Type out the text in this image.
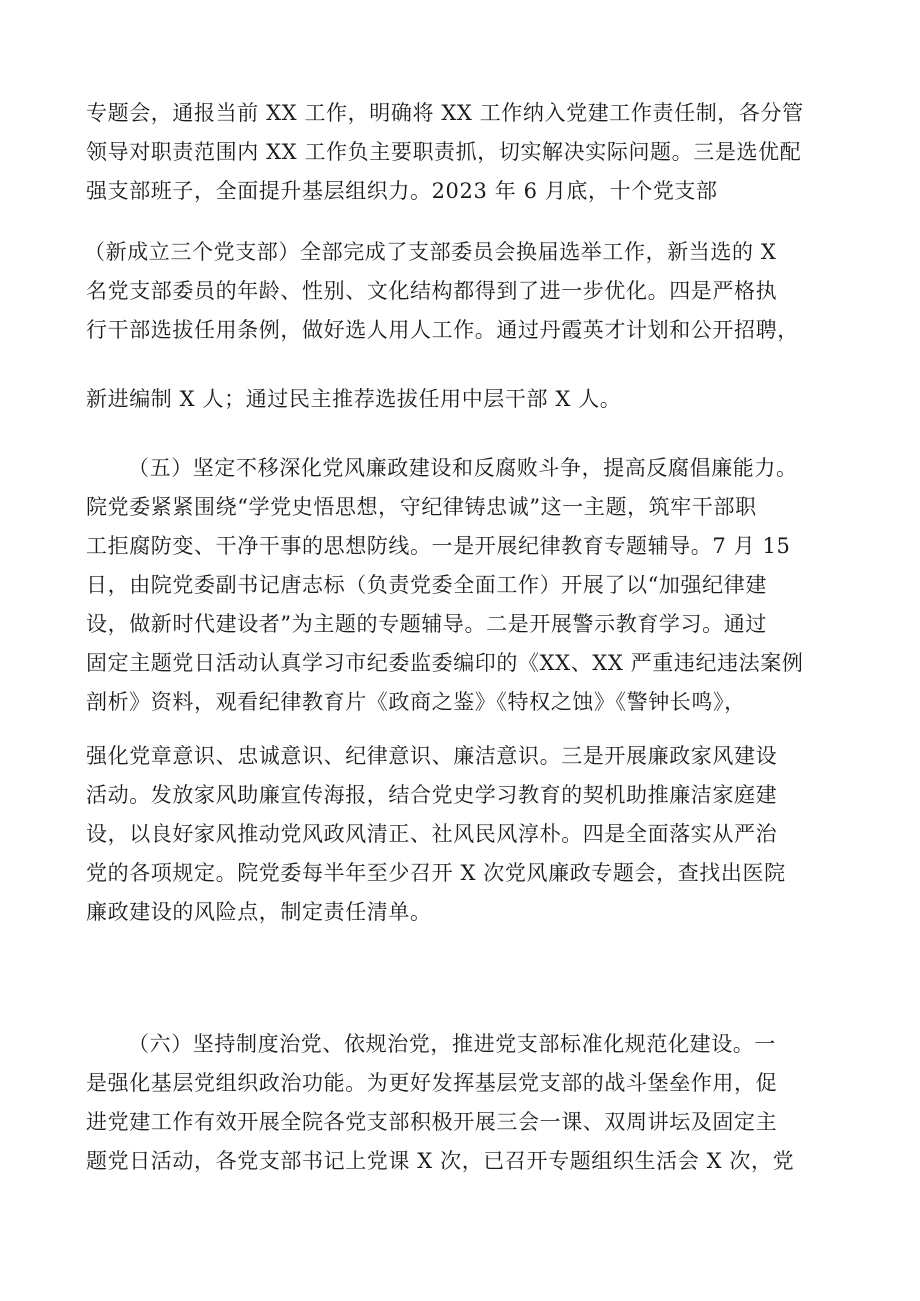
专题会，通报当前 XX 工作，明确将 XX 工作纳入党建工作责任制，各分管

领导对职责范围内 XX 工作负主要职责抓，切实解决实际问题。三是选优配

强支部班子，全面提升基层组织力。2023 年 6 月底，十个党支部

（新成立三个党支部）全部完成了支部委员会换届选举工作，新当选的 X

名党支部委员的年龄、性别、文化结构都得到了进一步优化。四是严格执

行干部选拔任用条例，做好选人用人工作。通过丹霞英才计划和公开招聘，

新进编制 X 人；通过民主推荐选拔任用中层干部 X 人。

（五）坚定不移深化党风廉政建设和反腐败斗争，提高反腐倡廉能力。

院党委紧紧围绕“学党史悟思想，守纪律铸忠诚”这一主题，筑牢干部职

工拒腐防变、干净干事的思想防线。一是开展纪律教育专题辅导。7 月 15

日，由院党委副书记唐志标（负责党委全面工作）开展了以“加强纪律建

设，做新时代建设者”为主题的专题辅导。二是开展警示教育学习。通过

固定主题党日活动认真学习市纪委监委编印的《XX、XX 严重违纪违法案例

剖析》资料，观看纪律教育片《政商之鉴》《特权之蚀》《警钟长鸣》，

强化党章意识、忠诚意识、纪律意识、廉洁意识。三是开展廉政家风建设

活动。发放家风助廉宣传海报，结合党史学习教育的契机助推廉洁家庭建

设，以良好家风推动党风政风清正、社风民风淳朴。四是全面落实从严治

党的各项规定。院党委每半年至少召开 X 次党风廉政专题会，查找出医院

廉政建设的风险点，制定责任清单。

（六）坚持制度治党、依规治党，推进党支部标准化规范化建设。一

是强化基层党组织政治功能。为更好发挥基层党支部的战斗堡垒作用，促

进党建工作有效开展全院各党支部积极开展三会一课、双周讲坛及固定主

题党日活动，各党支部书记上党课 X 次，已召开专题组织生活会 X 次，党
